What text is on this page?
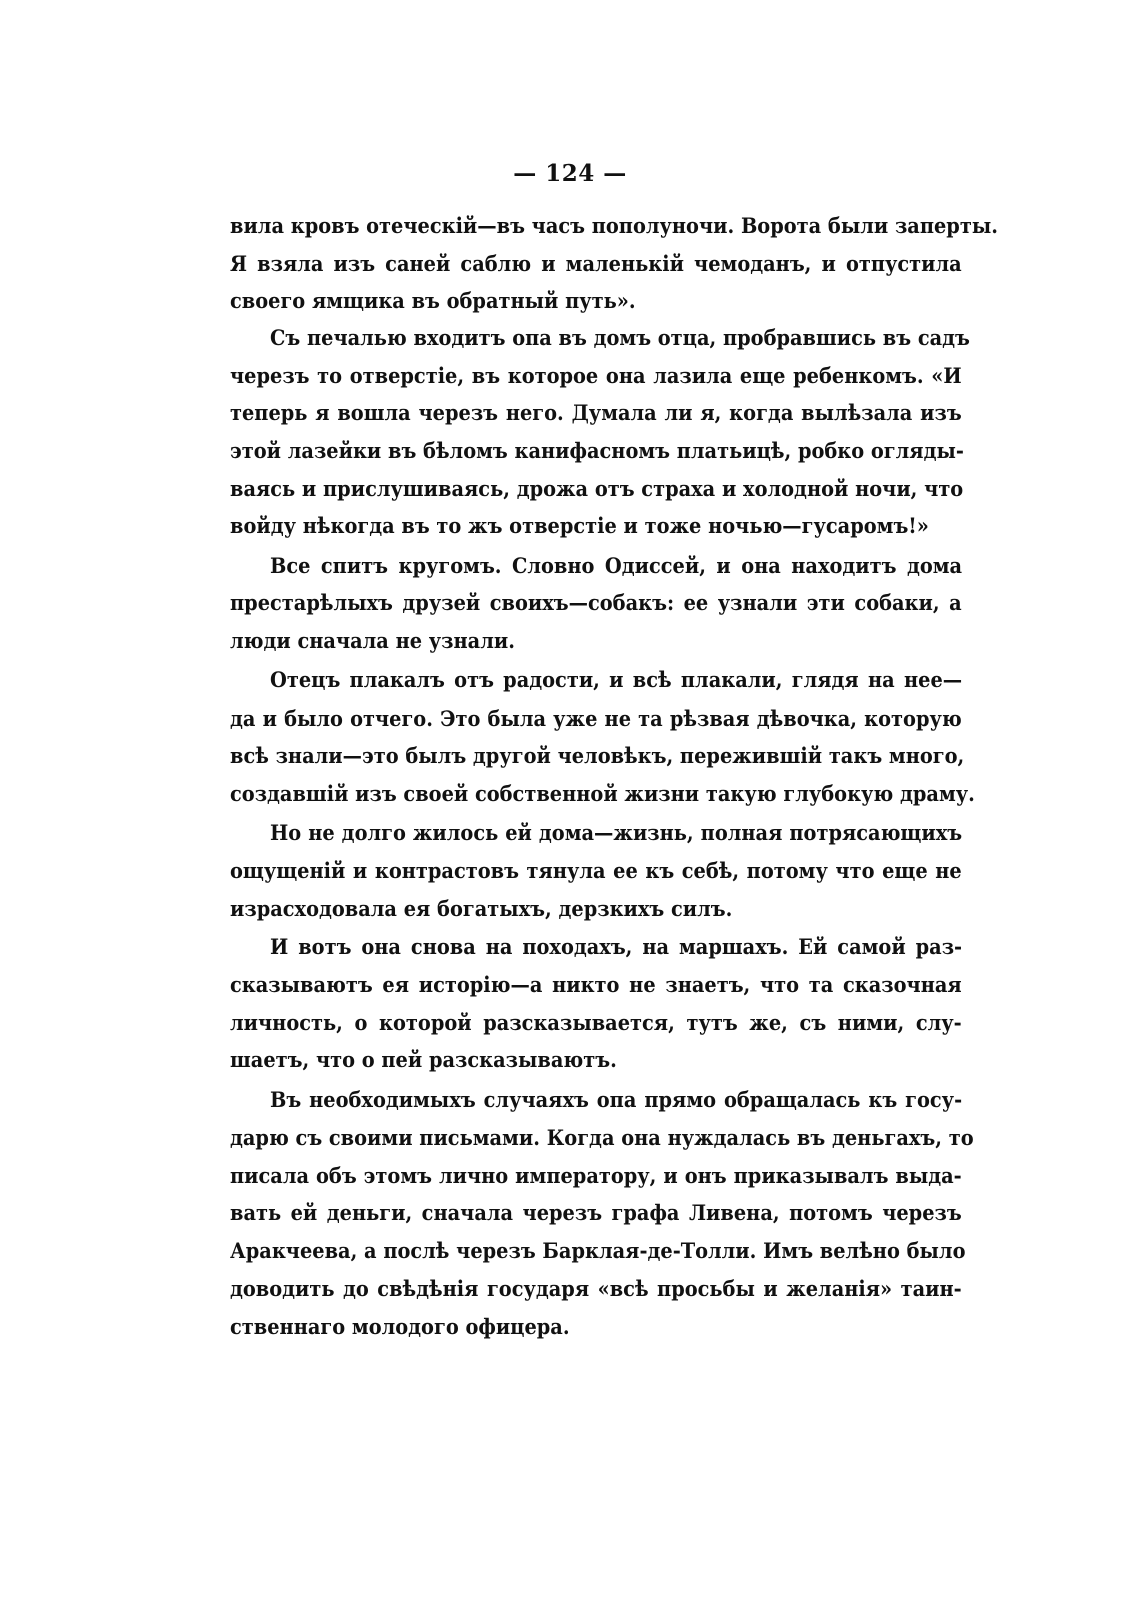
— 124 —
вила кровъ отеческій—въ часъ пополуночи. Ворота были заперты.
Я взяла изъ саней саблю и маленькій чемоданъ, и отпустила
своего ямщика въ обратный путь».
Съ печалью входитъ опа въ домъ отца, пробравшись въ садъ
черезъ то отверстіе, въ которое она лазила еще ребенкомъ. «И
теперь я вошла черезъ него. Думала ли я, когда вылѣзала изъ
этой лазейки въ бѣломъ канифасномъ платьицѣ, робко огляды-
ваясь и прислушиваясь, дрожа отъ страха и холодной ночи, что
войду нѣкогда въ то жъ отверстіе и тоже ночью—гусаромъ!»
Все спитъ кругомъ. Словно Одиссей, и она находитъ дома
престарѣлыхъ друзей своихъ—собакъ: ее узнали эти собаки, а
люди сначала не узнали.
Отецъ плакалъ отъ радости, и всѣ плакали, глядя на нее—
да и было отчего. Это была уже не та рѣзвая дѣвочка, которую
всѣ знали—это былъ другой человѣкъ, пережившій такъ много,
создавшій изъ своей собственной жизни такую глубокую драму.
Но не долго жилось ей дома—жизнь, полная потрясающихъ
ощущеній и контрастовъ тянула ее къ себѣ, потому что еще не
израсходовала ея богатыхъ, дерзкихъ силъ.
И вотъ она снова на походахъ, на маршахъ. Ей самой раз-
сказываютъ ея исторію—а никто не знаетъ, что та сказочная
личность, о которой разсказывается, тутъ же, съ ними, слу-
шаетъ, что о пей разсказываютъ.
Въ необходимыхъ случаяхъ опа прямо обращалась къ госу-
дарю съ своими письмами. Когда она нуждалась въ деньгахъ, то
писала объ этомъ лично императору, и онъ приказывалъ выда-
вать ей деньги, сначала черезъ графа Ливена, потомъ черезъ
Аракчеева, а послѣ черезъ Барклая-де-Толли. Имъ велѣно было
доводить до свѣдѣнія государя «всѣ просьбы и желанія» таин-
ственнаго молодого офицера.
